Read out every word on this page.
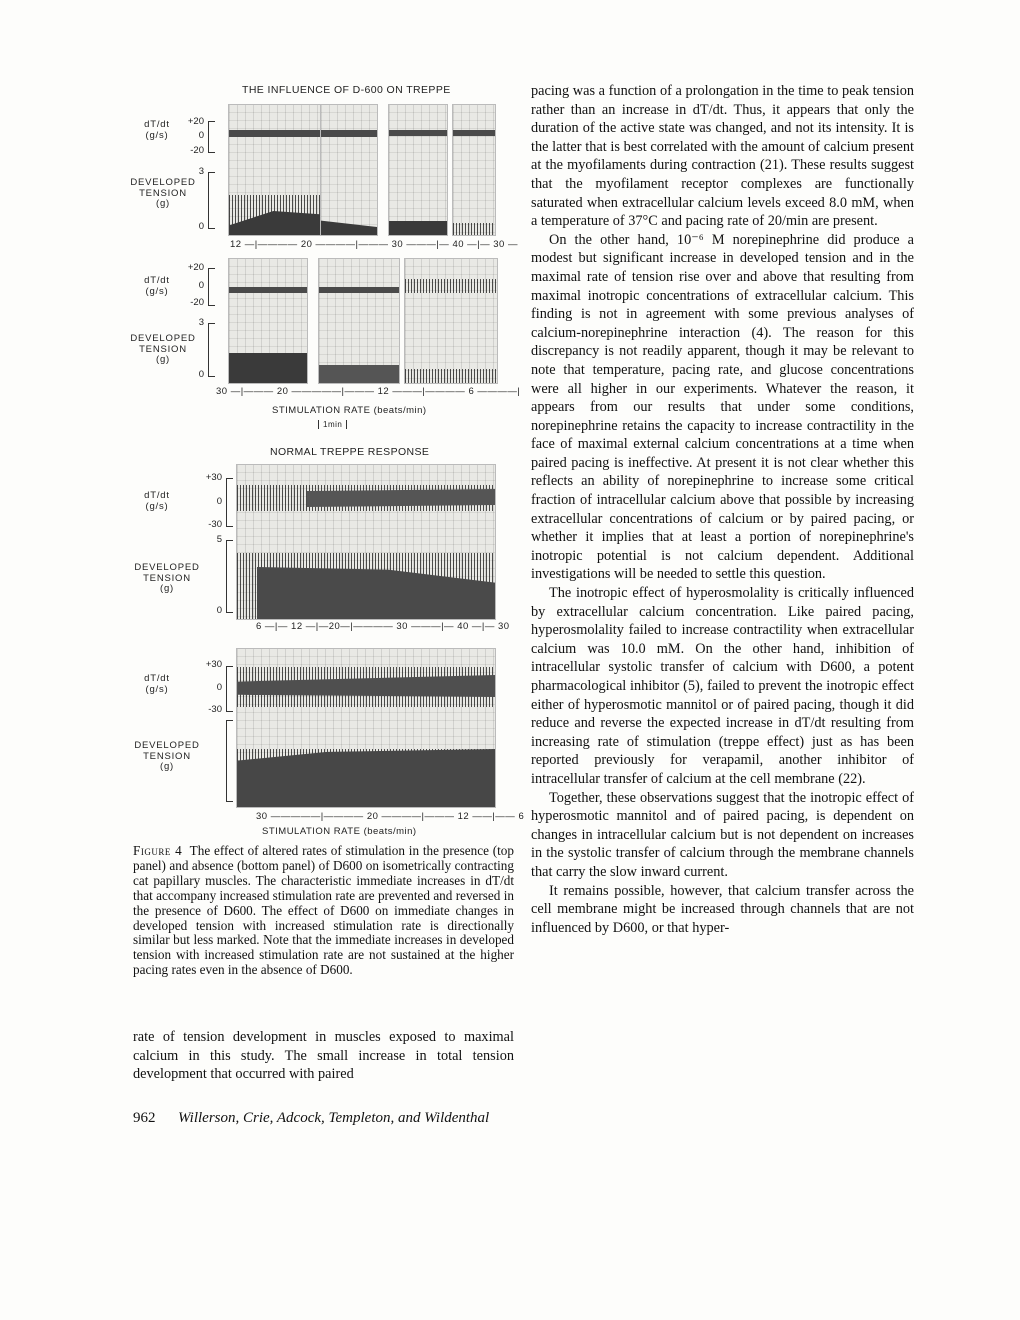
THE INFLUENCE OF D-600 ON TREPPE
dT/dt
(g/s)
DEVELOPED
TENSION
(g)
+20
0
-20
3
0
12 —|———— 20 ————|——— 30 ———|— 40 —|— 30 —
dT/dt
(g/s)
DEVELOPED
TENSION
(g)
+20
0
-20
3
0
30 —|——— 20 —————|——— 12 ———|———— 6 ————|
STIMULATION RATE (beats/min)
1min
NORMAL TREPPE RESPONSE
dT/dt
(g/s)
DEVELOPED
TENSION
(g)
+30
0
-30
5
0
6 —|— 12 —|—20—|———— 30 ———|— 40 —|— 30
dT/dt
(g/s)
DEVELOPED
TENSION
(g)
+30
0
-30
30 —————|———— 20 ————|——— 12 ——|—— 6
STIMULATION RATE (beats/min)
Figure 4 The effect of altered rates of stimulation in the presence (top panel) and absence (bottom panel) of D600 on isometrically contracting cat papillary muscles. The characteristic immediate increases in dT/dt that accompany increased stimulation rate are prevented and reversed in the presence of D600. The effect of D600 on immediate changes in developed tension with increased stimulation rate is directionally similar but less marked. Note that the immediate increases in developed tension with increased stimulation rate are not sustained at the higher pacing rates even in the absence of D600.

rate of tension development in muscles exposed to maximal calcium in this study. The small increase in total tension development that occurred with paired

pacing was a function of a prolongation in the time to peak tension rather than an increase in dT/dt. Thus, it appears that only the duration of the active state was changed, and not its intensity. It is the latter that is best correlated with the amount of calcium present at the myofilaments during contraction (21). These results suggest that the myofilament receptor complexes are functionally saturated when extracellular calcium levels exceed 8.0 mM, when a temperature of 37°C and pacing rate of 20/min are present.

On the other hand, 10⁻⁶ M norepinephrine did produce a modest but significant increase in developed tension and in the maximal rate of tension rise over and above that resulting from maximal inotropic concentrations of extracellular calcium. This finding is not in agreement with some previous analyses of calcium-norepinephrine interaction (4). The reason for this discrepancy is not readily apparent, though it may be relevant to note that temperature, pacing rate, and glucose concentrations were all higher in our experiments. Whatever the reason, it appears from our results that under some conditions, norepinephrine retains the capacity to increase contractility in the face of maximal external calcium concentrations at a time when paired pacing is ineffective. At present it is not clear whether this reflects an ability of norepinephrine to increase some critical fraction of intracellular calcium above that possible by increasing extracellular concentrations of calcium or by paired pacing, or whether it implies that at least a portion of norepinephrine's inotropic potential is not calcium dependent. Additional investigations will be needed to settle this question.

The inotropic effect of hyperosmolality is critically influenced by extracellular calcium concentration. Like paired pacing, hyperosmolality failed to increase contractility when extracellular calcium was 10.0 mM. On the other hand, inhibition of intracellular systolic transfer of calcium with D600, a potent pharmacological inhibitor (5), failed to prevent the inotropic effect either of hyperosmotic mannitol or of paired pacing, though it did reduce and reverse the expected increase in dT/dt resulting from increasing rate of stimulation (treppe effect) just as has been reported previously for verapamil, another inhibitor of intracellular transfer of calcium at the cell membrane (22).

Together, these observations suggest that the inotropic effect of hyperosmotic mannitol and of paired pacing, is dependent on changes in intracellular calcium but is not dependent on increases in the systolic transfer of calcium through the membrane channels that carry the slow inward current.

It remains possible, however, that calcium transfer across the cell membrane might be increased through channels that are not influenced by D600, or that hyper-

962 Willerson, Crie, Adcock, Templeton, and Wildenthal
